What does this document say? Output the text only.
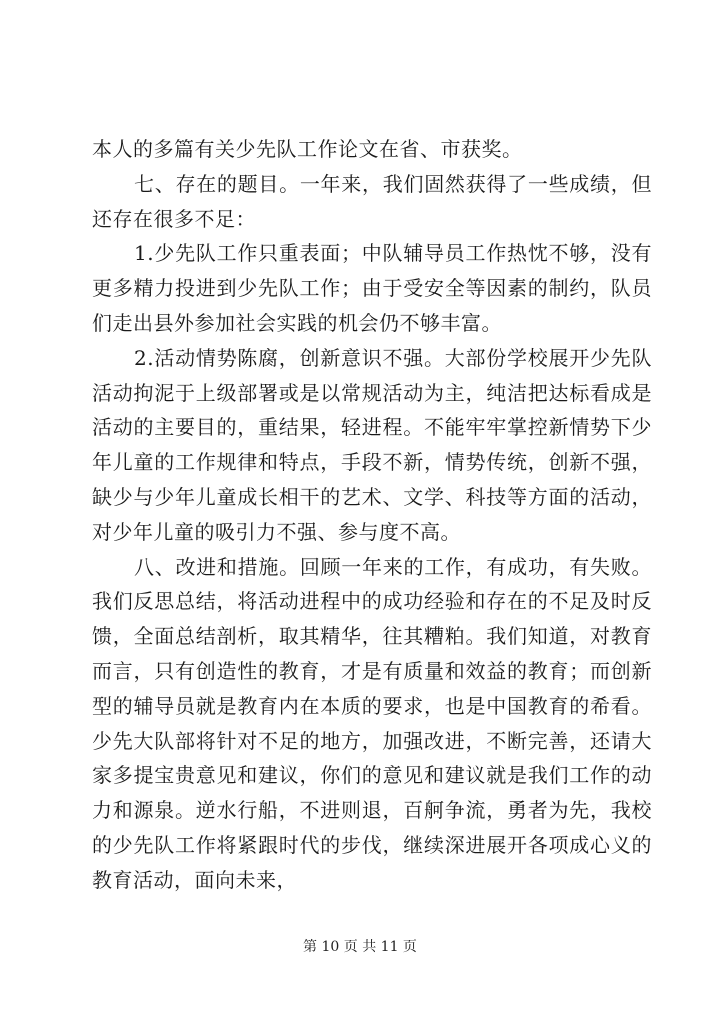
本人的多篇有关少先队工作论文在省、市获奖。

七、存在的题目。一年来，我们固然获得了一些成绩，但还存在很多不足：

1.少先队工作只重表面；中队辅导员工作热忱不够，没有更多精力投进到少先队工作；由于受安全等因素的制约，队员们走出县外参加社会实践的机会仍不够丰富。

2.活动情势陈腐，创新意识不强。大部份学校展开少先队活动拘泥于上级部署或是以常规活动为主，纯洁把达标看成是活动的主要目的，重结果，轻进程。不能牢牢掌控新情势下少年儿童的工作规律和特点，手段不新，情势传统，创新不强，缺少与少年儿童成长相干的艺术、文学、科技等方面的活动，对少年儿童的吸引力不强、参与度不高。

八、改进和措施。回顾一年来的工作，有成功，有失败。我们反思总结，将活动进程中的成功经验和存在的不足及时反馈，全面总结剖析，取其精华，往其糟粕。我们知道，对教育而言，只有创造性的教育，才是有质量和效益的教育；而创新型的辅导员就是教育内在本质的要求，也是中国教育的希看。少先大队部将针对不足的地方，加强改进，不断完善，还请大家多提宝贵意见和建议，你们的意见和建议就是我们工作的动力和源泉。逆水行船，不进则退，百舸争流，勇者为先，我校的少先队工作将紧跟时代的步伐，继续深进展开各项成心义的教育活动，面向未来，

第 10 页 共 11 页
